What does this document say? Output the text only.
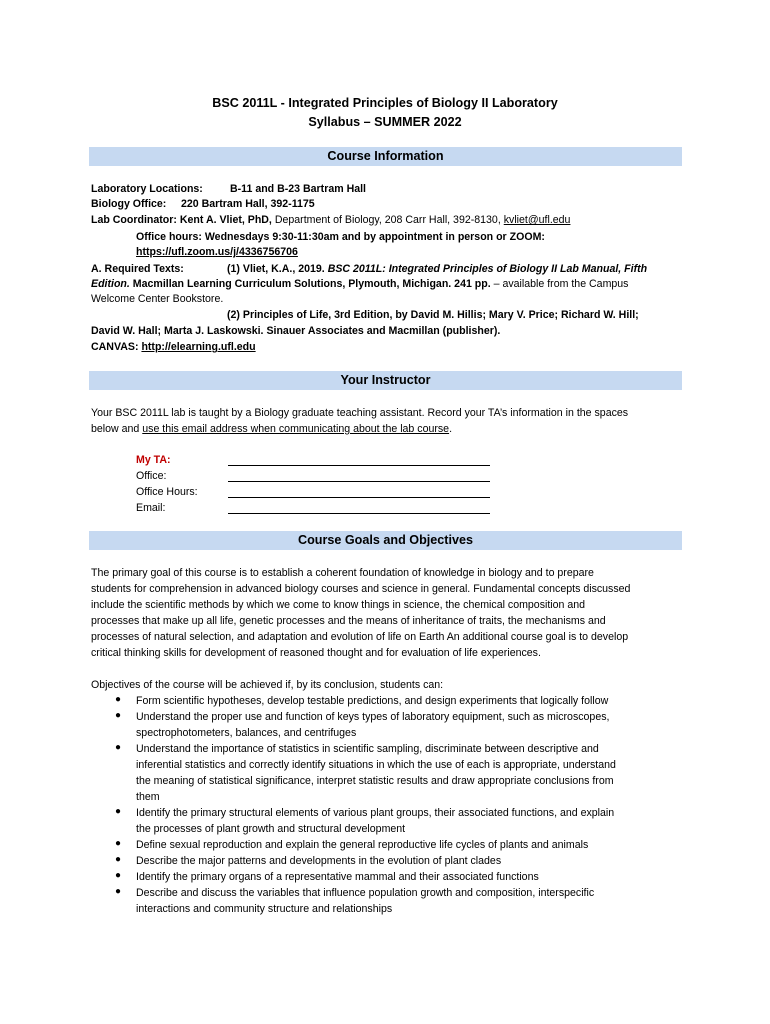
BSC 2011L - Integrated Principles of Biology II Laboratory
Syllabus – SUMMER 2022
Course Information
Laboratory Locations:	B-11 and B-23 Bartram Hall
Biology Office: 220 Bartram Hall, 392-1175
Lab Coordinator: Kent A. Vliet, PhD, Department of Biology, 208 Carr Hall, 392-8130, kvliet@ufl.edu
Office hours: Wednesdays 9:30-11:30am and by appointment in person or ZOOM:
https://ufl.zoom.us/j/4336756706
A. Required Texts:	(1) Vliet, K.A., 2019. BSC 2011L: Integrated Principles of Biology II Lab Manual, Fifth
Edition. Macmillan Learning Curriculum Solutions, Plymouth, Michigan. 241 pp. – available from the Campus
Welcome Center Bookstore.
(2) Principles of Life, 3rd Edition, by David M. Hillis; Mary V. Price; Richard W. Hill;
David W. Hall; Marta J. Laskowski. Sinauer Associates and Macmillan (publisher).
CANVAS: http://elearning.ufl.edu
Your Instructor
Your BSC 2011L lab is taught by a Biology graduate teaching assistant. Record your TA’s information in the spaces
below and use this email address when communicating about the lab course.
My TA:
Office:
Office Hours:
Email:
Course Goals and Objectives
The primary goal of this course is to establish a coherent foundation of knowledge in biology and to prepare
students for comprehension in advanced biology courses and science in general. Fundamental concepts discussed
include the scientific methods by which we come to know things in science, the chemical composition and
processes that make up all life, genetic processes and the means of inheritance of traits, the mechanisms and
processes of natural selection, and adaptation and evolution of life on Earth An additional course goal is to develop
critical thinking skills for development of reasoned thought and for evaluation of life experiences.
Objectives of the course will be achieved if, by its conclusion, students can:
● Form scientific hypotheses, develop testable predictions, and design experiments that logically follow
● Understand the proper use and function of keys types of laboratory equipment, such as microscopes,
spectrophotometers, balances, and centrifuges
● Understand the importance of statistics in scientific sampling, discriminate between descriptive and
inferential statistics and correctly identify situations in which the use of each is appropriate, understand
the meaning of statistical significance, interpret statistic results and draw appropriate conclusions from
them
● Identify the primary structural elements of various plant groups, their associated functions, and explain
the processes of plant growth and structural development
● Define sexual reproduction and explain the general reproductive life cycles of plants and animals
● Describe the major patterns and developments in the evolution of plant clades
● Identify the primary organs of a representative mammal and their associated functions
● Describe and discuss the variables that influence population growth and composition, interspecific
interactions and community structure and relationships
